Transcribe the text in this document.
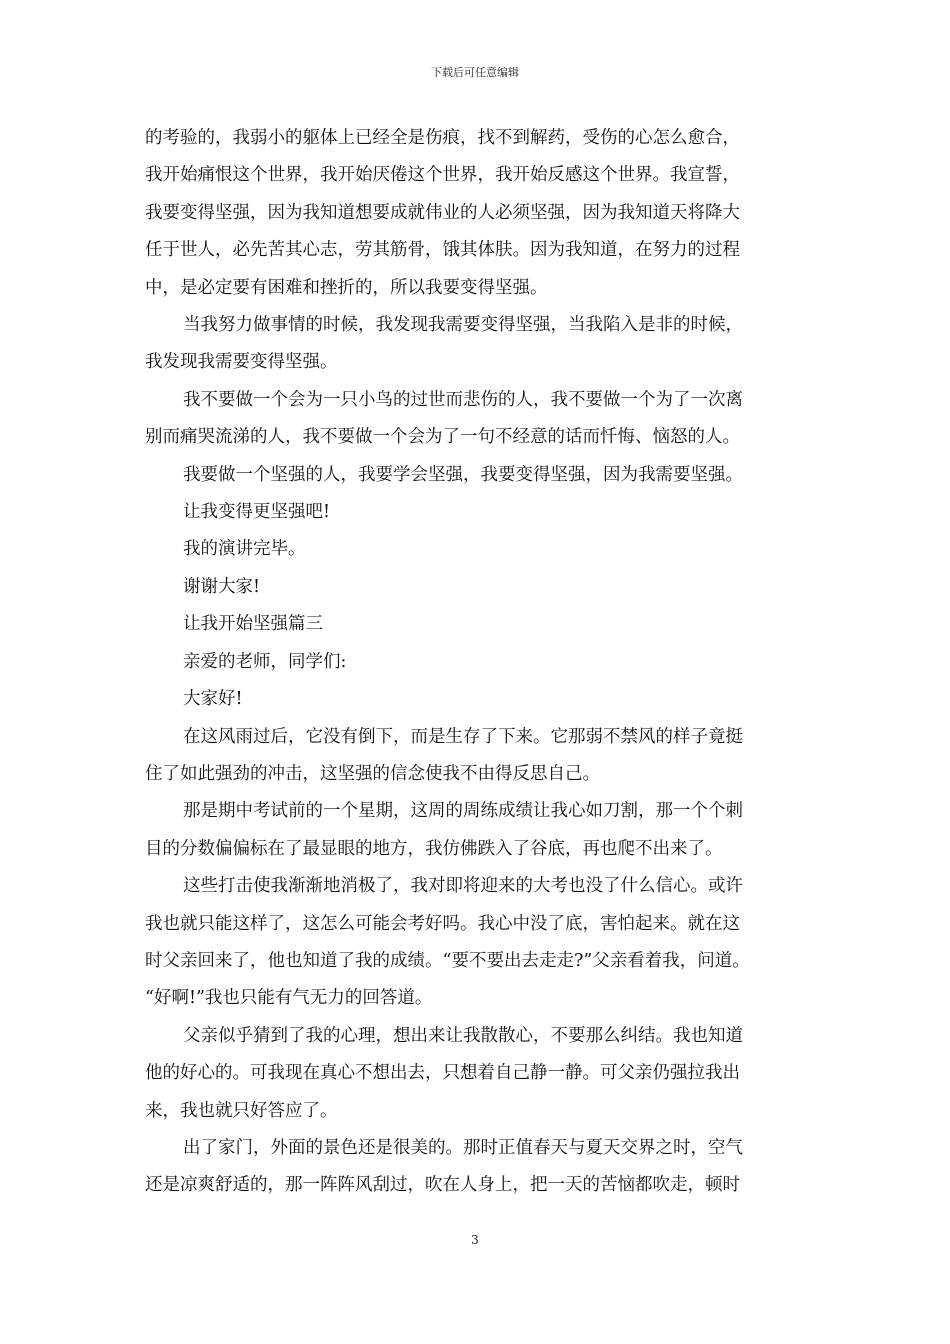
下载后可任意编辑

的考验的，我弱小的躯体上已经全是伤痕，找不到解药，受伤的心怎么愈合，

我开始痛恨这个世界，我开始厌倦这个世界，我开始反感这个世界。我宣誓，

我要变得坚强，因为我知道想要成就伟业的人必须坚强，因为我知道天将降大

任于世人，必先苦其心志，劳其筋骨，饿其体肤。因为我知道，在努力的过程

中，是必定要有困难和挫折的，所以我要变得坚强。

当我努力做事情的时候，我发现我需要变得坚强，当我陷入是非的时候，

我发现我需要变得坚强。

我不要做一个会为一只小鸟的过世而悲伤的人，我不要做一个为了一次离

别而痛哭流涕的人，我不要做一个会为了一句不经意的话而忏悔、恼怒的人。

我要做一个坚强的人，我要学会坚强，我要变得坚强，因为我需要坚强。

让我变得更坚强吧!

我的演讲完毕。

谢谢大家!

让我开始坚强篇三

亲爱的老师，同学们:

大家好!

在这风雨过后，它没有倒下，而是生存了下来。它那弱不禁风的样子竟挺

住了如此强劲的冲击，这坚强的信念使我不由得反思自己。

那是期中考试前的一个星期，这周的周练成绩让我心如刀割，那一个个刺

目的分数偏偏标在了最显眼的地方，我仿佛跌入了谷底，再也爬不出来了。

这些打击使我渐渐地消极了，我对即将迎来的大考也没了什么信心。或许

我也就只能这样了，这怎么可能会考好吗。我心中没了底，害怕起来。就在这

时父亲回来了，他也知道了我的成绩。“要不要出去走走?”父亲看着我，问道。

“好啊!”我也只能有气无力的回答道。

父亲似乎猜到了我的心理，想出来让我散散心，不要那么纠结。我也知道

他的好心的。可我现在真心不想出去，只想着自己静一静。可父亲仍强拉我出

来，我也就只好答应了。

出了家门，外面的景色还是很美的。那时正值春天与夏天交界之时，空气

还是凉爽舒适的，那一阵阵风刮过，吹在人身上，把一天的苦恼都吹走，顿时

3
